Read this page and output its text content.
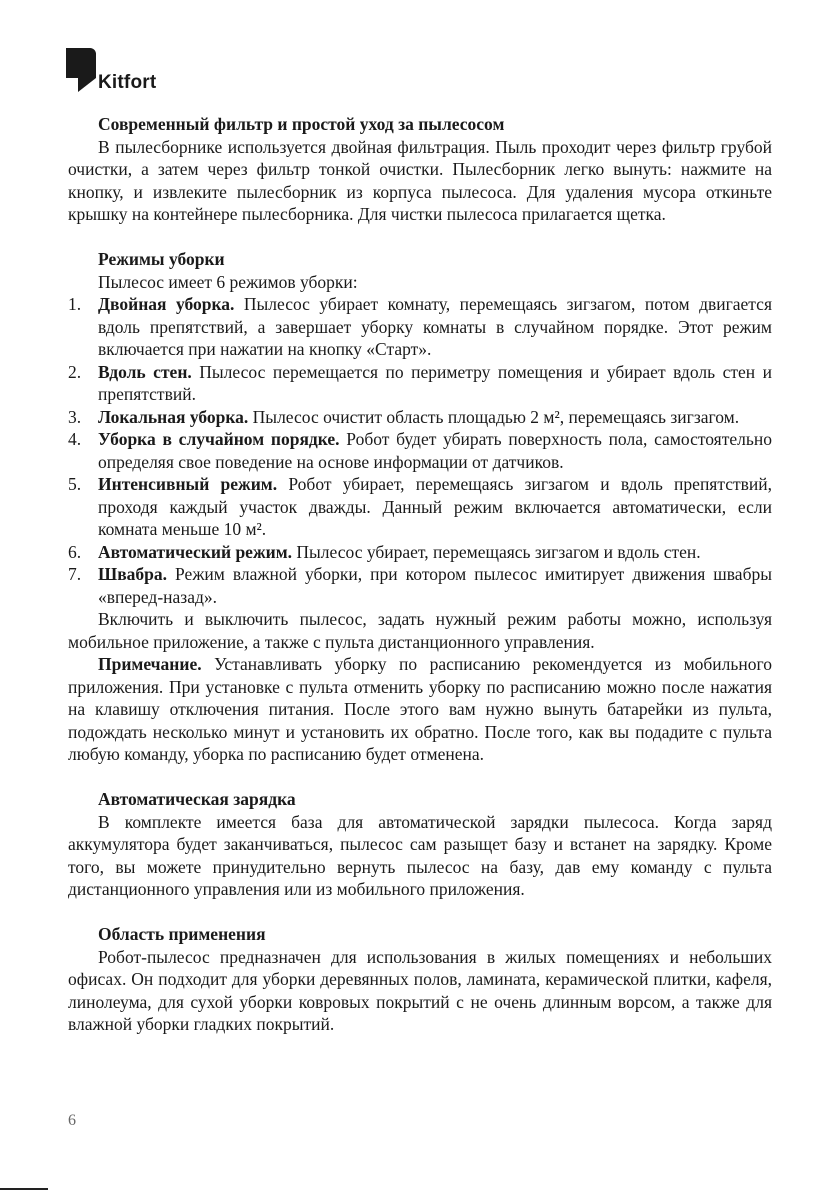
Kitfort
Современный фильтр и простой уход за пылесосом

В пылесборнике используется двойная фильтрация. Пыль проходит через фильтр грубой очистки, а затем через фильтр тонкой очистки. Пылесборник легко вынуть: нажмите на кнопку, и извлеките пылесборник из корпуса пылесоса. Для удаления мусора откиньте крышку на контейнере пылесборника. Для чистки пылесоса прилагается щетка.

Режимы уборки

Пылесос имеет 6 режимов уборки:

1. Двойная уборка. Пылесос убирает комнату, перемещаясь зигзагом, потом двигается вдоль препятствий, а завершает уборку комнаты в случайном порядке. Этот режим включается при нажатии на кнопку «Старт».
2. Вдоль стен. Пылесос перемещается по периметру помещения и убирает вдоль стен и препятствий.
3. Локальная уборка. Пылесос очистит область площадью 2 м², перемещаясь зигзагом.
4. Уборка в случайном порядке. Робот будет убирать поверхность пола, самостоятельно определяя свое поведение на основе информации от датчиков.
5. Интенсивный режим. Робот убирает, перемещаясь зигзагом и вдоль препятствий, проходя каждый участок дважды. Данный режим включается автоматически, если комната меньше 10 м².
6. Автоматический режим. Пылесос убирает, перемещаясь зигзагом и вдоль стен.
7. Швабра. Режим влажной уборки, при котором пылесос имитирует движения швабры «вперед-назад».

Включить и выключить пылесос, задать нужный режим работы можно, используя мобильное приложение, а также с пульта дистанционного управления.

Примечание. Устанавливать уборку по расписанию рекомендуется из мобильного приложения. При установке с пульта отменить уборку по расписанию можно после нажатия на клавишу отключения питания. После этого вам нужно вынуть батарейки из пульта, подождать несколько минут и установить их обратно. После того, как вы подадите с пульта любую команду, уборка по расписанию будет отменена.

Автоматическая зарядка

В комплекте имеется база для автоматической зарядки пылесоса. Когда заряд аккумулятора будет заканчиваться, пылесос сам разыщет базу и встанет на зарядку. Кроме того, вы можете принудительно вернуть пылесос на базу, дав ему команду с пульта дистанционного управления или из мобильного приложения.

Область применения

Робот-пылесос предназначен для использования в жилых помещениях и небольших офисах. Он подходит для уборки деревянных полов, ламината, керамической плитки, кафеля, линолеума, для сухой уборки ковровых покрытий с не очень длинным ворсом, а также для влажной уборки гладких покрытий.

6
